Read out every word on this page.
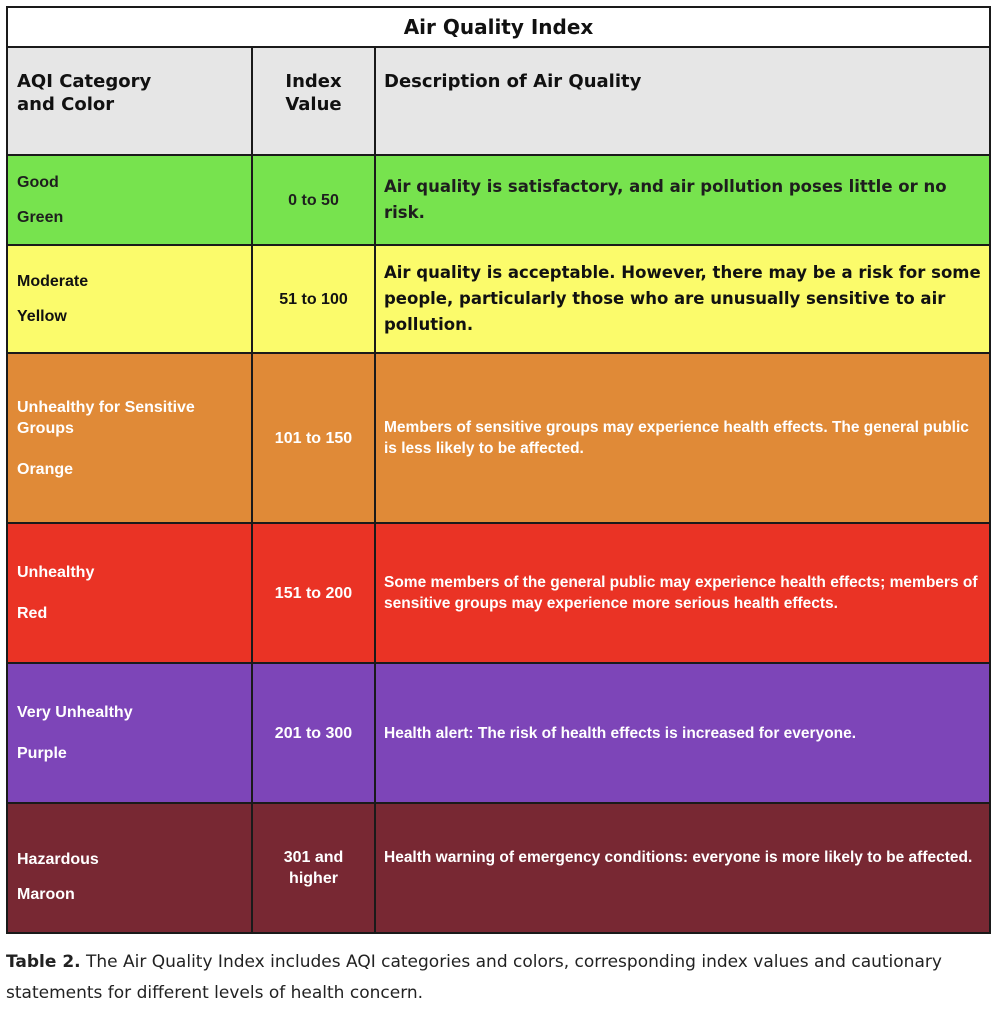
Air Quality Index		
AQI Category
and Color	Index
Value	Description of Air Quality

Good
Green	0 to 50	Air quality is satisfactory, and air pollution poses little or no risk.

Moderate
Yellow	51 to 100	Air quality is acceptable. However, there may be a risk for some people, particularly those who are unusually sensitive to air pollution.

Unhealthy for Sensitive Groups
Orange	101 to 150	Members of sensitive groups may experience health effects. The general public is less likely to be affected.

Unhealthy
Red	151 to 200	Some members of the general public may experience health effects; members of sensitive groups may experience more serious health effects.

Very Unhealthy
Purple	201 to 300	Health alert: The risk of health effects is increased for everyone.

Hazardous
Maroon	301 and
higher	Health warning of emergency conditions: everyone is more likely to be affected.
Table 2. The Air Quality Index includes AQI categories and colors, corresponding index values and cautionary statements for different levels of health concern.
